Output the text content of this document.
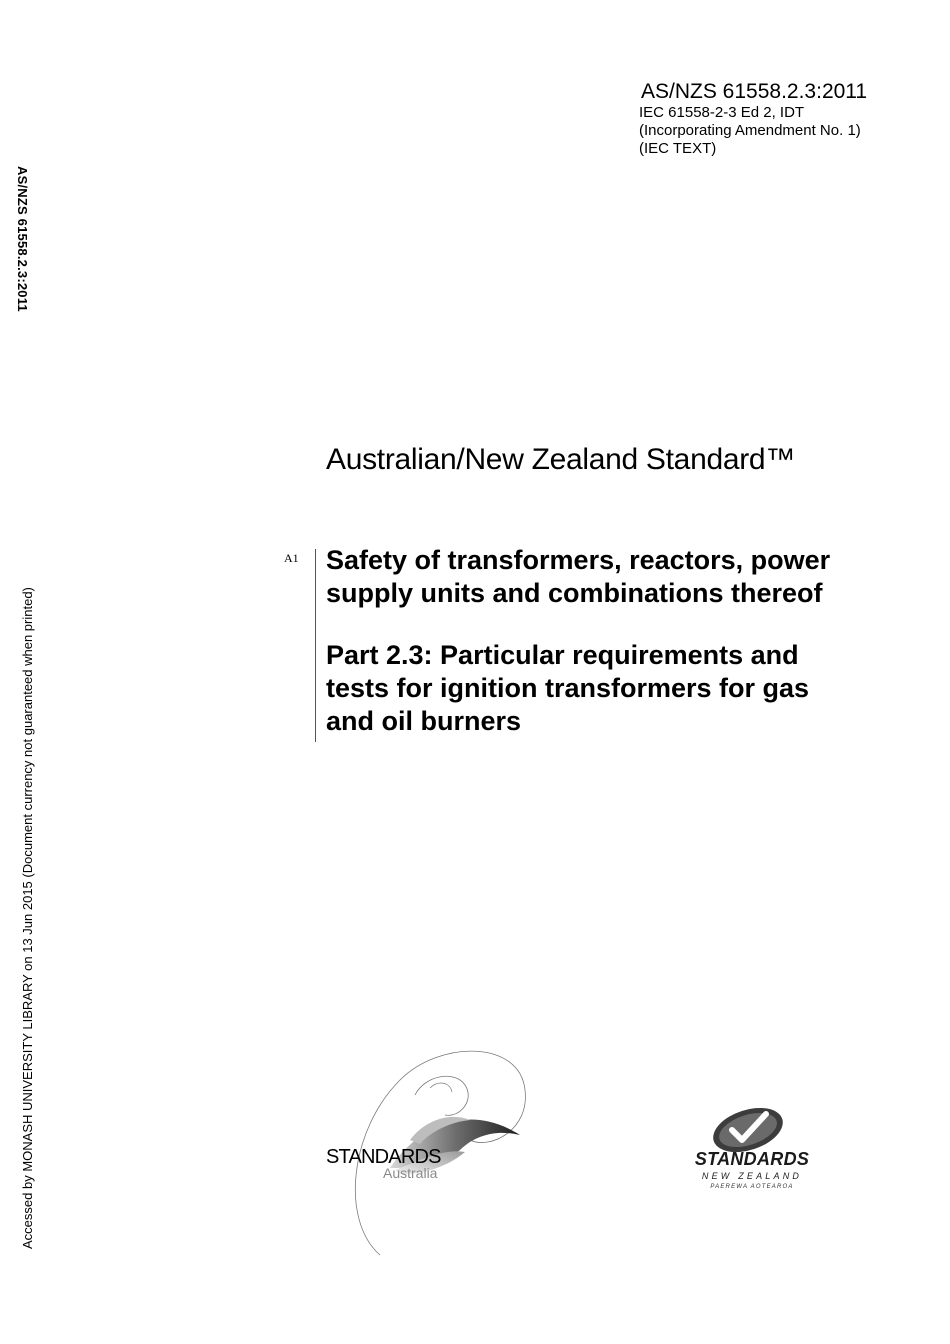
AS/NZS 61558.2.3:2011
IEC 61558-2-3 Ed 2, IDT
(Incorporating Amendment No. 1)
(IEC TEXT)
AS/NZS 61558.2.3:2011
Accessed by MONASH UNIVERSITY LIBRARY on 13 Jun 2015 (Document currency not guaranteed when printed)
Australian/New Zealand Standard™
A1 Safety of transformers, reactors, power
supply units and combinations thereof
Part 2.3: Particular requirements and
tests for ignition transformers for gas
and oil burners
STANDARDS
Australia
STANDARDS
NEW ZEALAND
PAEREWA AOTEAROA
